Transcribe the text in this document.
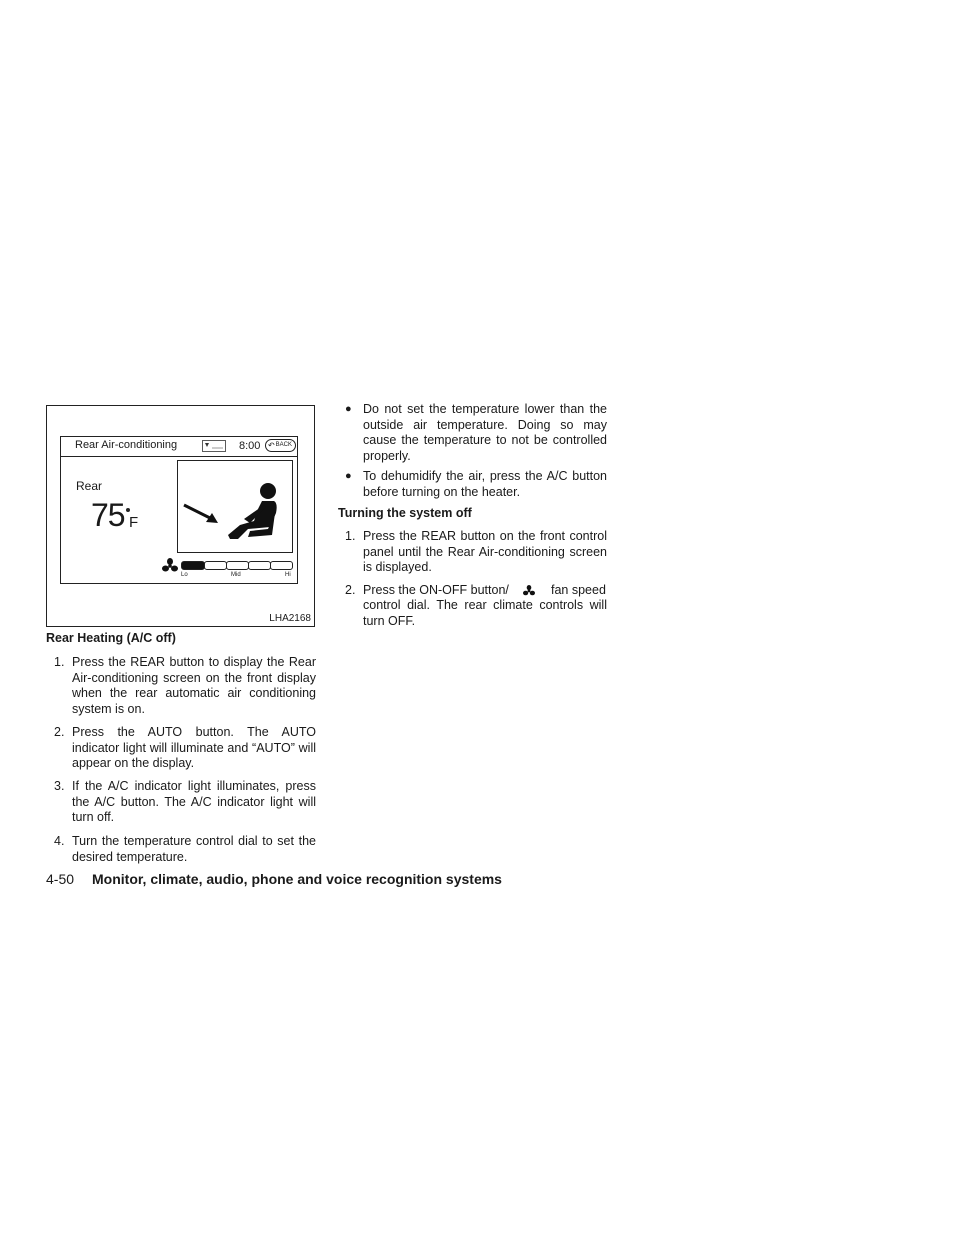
Rear Air-conditioning	8:00 ↶ BACK
Rear
75 F
Lo	Mid	Hi
LHA2168
Rear Heating (A/C off)
1. Press the REAR button to display the Rear Air-conditioning screen on the front display when the rear automatic air conditioning system is on.
2. Press the AUTO button. The AUTO indicator light will illuminate and “AUTO” will appear on the display.
3. If the A/C indicator light illuminates, press the A/C button. The A/C indicator light will turn off.
4. Turn the temperature control dial to set the desired temperature.
● Do not set the temperature lower than the outside air temperature. Doing so may cause the temperature to not be controlled properly.
● To dehumidify the air, press the A/C button before turning on the heater.
Turning the system off
1. Press the REAR button on the front control panel until the Rear Air-conditioning screen is displayed.
2. Press the ON-OFF button/	fan speed
control dial. The rear climate controls will turn OFF.
4-50 Monitor, climate, audio, phone and voice recognition systems
